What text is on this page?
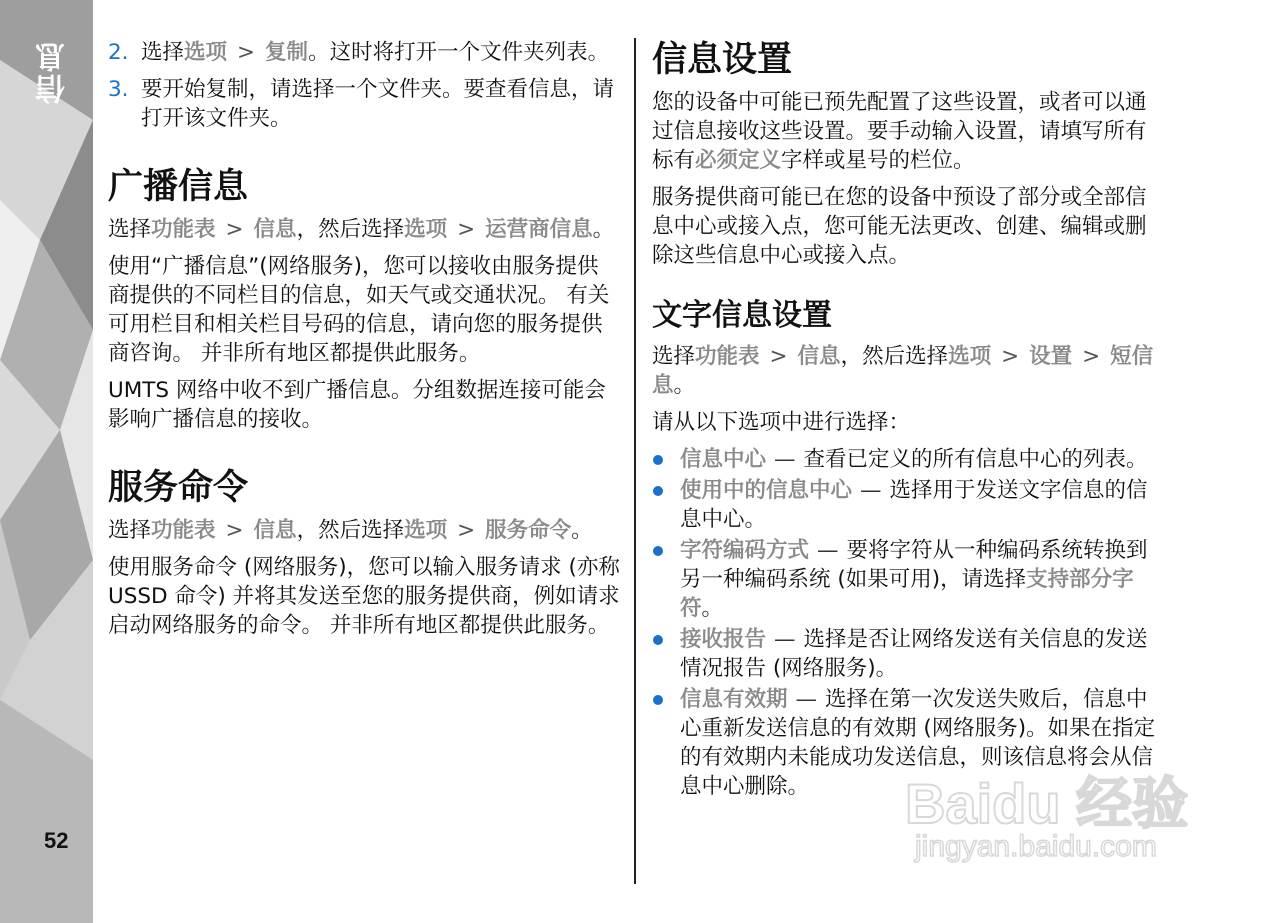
信息
52
2. 选择选项 > 复制。这时将打开一个文件夹列表。
3. 要开始复制，请选择一个文件夹。要查看信息，请打开该文件夹。
广播信息
选择功能表 > 信息，然后选择选项 > 运营商信息。
使用“广播信息”(网络服务)，您可以接收由服务提供商提供的不同栏目的信息，如天气或交通状况。 有关可用栏目和相关栏目号码的信息，请向您的服务提供商咨询。 并非所有地区都提供此服务。
UMTS 网络中收不到广播信息。分组数据连接可能会影响广播信息的接收。
服务命令
选择功能表 > 信息，然后选择选项 > 服务命令。
使用服务命令 (网络服务)，您可以输入服务请求 (亦称 USSD 命令) 并将其发送至您的服务提供商，例如请求启动网络服务的命令。 并非所有地区都提供此服务。
信息设置
您的设备中可能已预先配置了这些设置，或者可以通过信息接收这些设置。要手动输入设置，请填写所有标有必须定义字样或星号的栏位。
服务提供商可能已在您的设备中预设了部分或全部信息中心或接入点，您可能无法更改、创建、编辑或删除这些信息中心或接入点。
文字信息设置
选择功能表 > 信息，然后选择选项 > 设置 > 短信息。
请从以下选项中进行选择：
信息中心 — 查看已定义的所有信息中心的列表。
使用中的信息中心 — 选择用于发送文字信息的信息中心。
字符编码方式 — 要将字符从一种编码系统转换到另一种编码系统 (如果可用)，请选择支持部分字符。
接收报告 — 选择是否让网络发送有关信息的发送情况报告 (网络服务)。
信息有效期 — 选择在第一次发送失败后，信息中心重新发送信息的有效期 (网络服务)。如果在指定的有效期内未能成功发送信息，则该信息将会从信息中心删除。	Baidu 经验
jingyan.baidu.com
